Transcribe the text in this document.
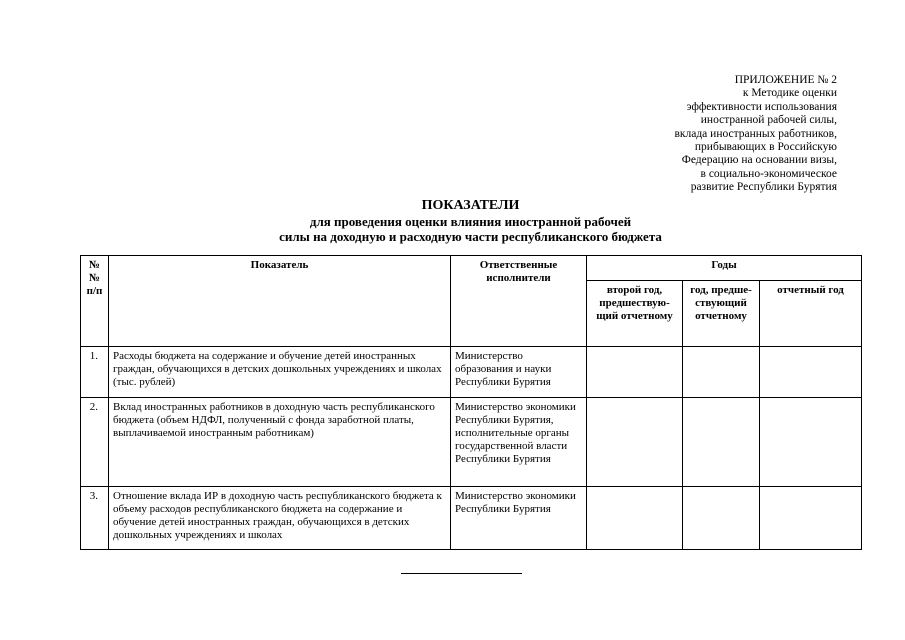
ПРИЛОЖЕНИЕ № 2
к Методике оценки
эффективности использования
иностранной рабочей силы,
вклада иностранных работников,
прибывающих в Российскую
Федерацию на основании визы,
в социально-экономическое
развитие Республики Бурятия
ПОКАЗАТЕЛИ
для проведения оценки влияния иностранной рабочей
силы на доходную и расходную части республиканского бюджета
№№ п/п	Показатель	Ответственные исполнители	Годы		
			второй год, предшествую-щий отчетному	год, предше-ствующий отчетному	отчетный год
1.	Расходы бюджета на содержание и обучение детей иностранных граждан, обучающихся в детских дошкольных учреждениях и школах (тыс. рублей)	Министерство образования и науки Республики Бурятия			
2.	Вклад иностранных работников в доходную часть республиканского бюджета (объем НДФЛ, полученный с фонда заработной платы, выплачиваемой иностранным работникам)	Министерство экономики Республики Бурятия, исполнительные органы государственной власти Республики Бурятия			
3.	Отношение вклада ИР в доходную часть республиканского бюджета к объему расходов республиканского бюджета на содержание и обучение детей иностранных граждан, обучающихся в детских дошкольных учреждениях и школах	Министерство экономики Республики Бурятия			
